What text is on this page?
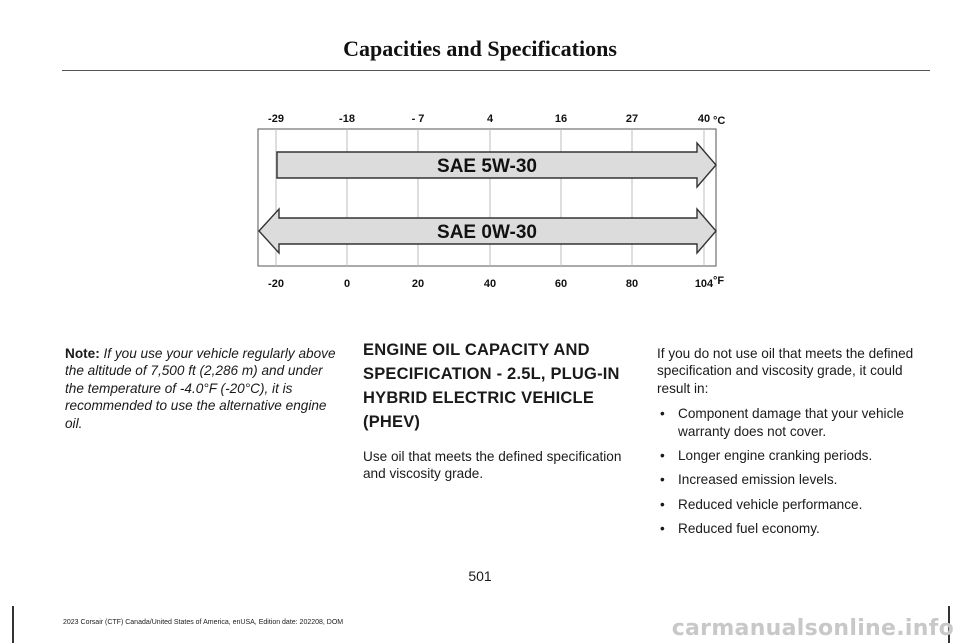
Capacities and Specifications
SAE 5W-30
SAE 0W-30
-29	-18	- 7	4	16	27	40
-20	0	20	40	60	80	104
°C
°F
Note: If you use your vehicle regularly above the altitude of 7,500 ft (2,286 m) and under the temperature of -4.0°F (-20°C), it is recommended to use the alternative engine oil.
ENGINE OIL CAPACITY AND SPECIFICATION - 2.5L, PLUG-IN HYBRID ELECTRIC VEHICLE (PHEV)

Use oil that meets the defined specification and viscosity grade.

If you do not use oil that meets the defined specification and viscosity grade, it could result in:

• Component damage that your vehicle warranty does not cover.
• Longer engine cranking periods.
• Increased emission levels.
• Reduced vehicle performance.
• Reduced fuel economy.
501
2023 Corsair (CTF) Canada/United States of America, enUSA, Edition date: 202208, DOM	carmanualsonline.info
